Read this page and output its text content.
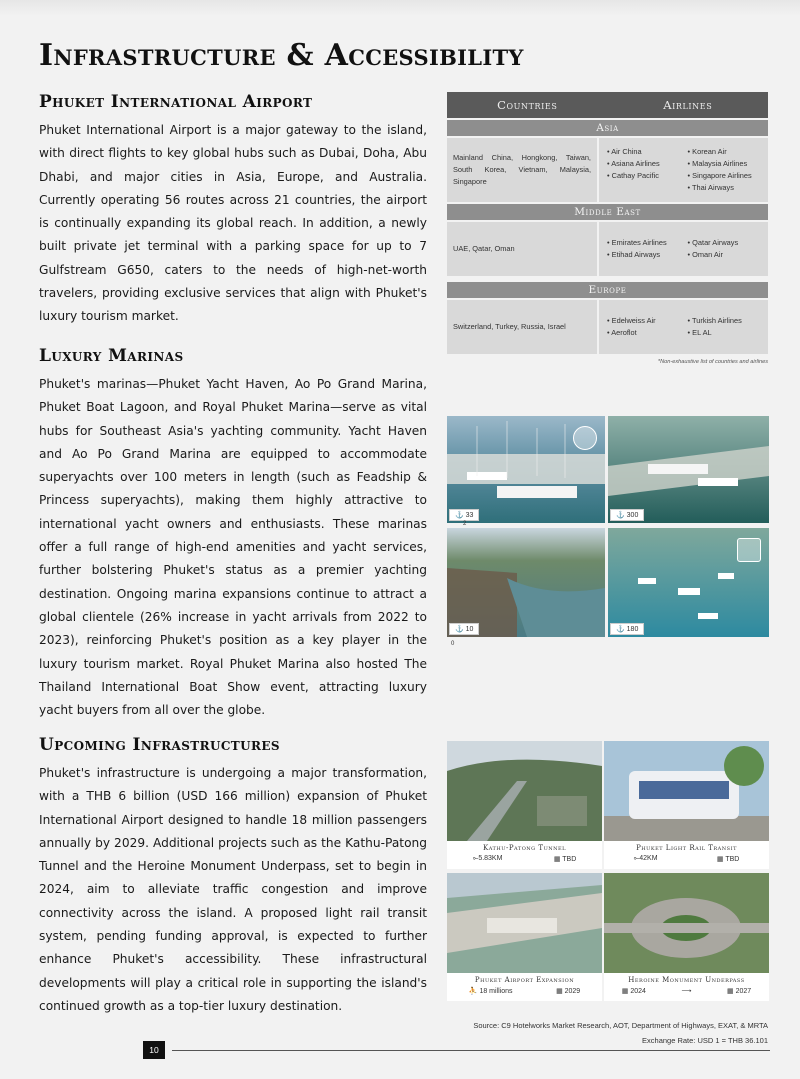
Infrastructure & Accessibility
Phuket International Airport

Phuket International Airport is a major gateway to the island, with direct flights to key global hubs such as Dubai, Doha, Abu Dhabi, and major cities in Asia, Europe, and Australia. Currently operating 56 routes across 21 countries, the airport is continually expanding its global reach. In addition, a newly built private jet terminal with a parking space for up to 7 Gulfstream G650, caters to the needs of high-net-worth travelers, providing exclusive services that align with Phuket's luxury tourism market.

Countries	Airlines
Asia
Mainland China, Hongkong, Taiwan, South Korea, Vietnam, Malaysia, Singapore
• Air China	• Korean Air
• Asiana Airlines	• Malaysia Airlines
• Cathay Pacific	• Singapore Airlines
• Thai Airways
Middle East
UAE, Qatar, Oman
• Emirates Airlines	• Qatar Airways
• Etihad Airways	• Oman Air
Europe
Switzerland, Turkey, Russia, Israel
• Edelweiss Air	• Turkish Airlines
• Aeroflot	• EL AL
*Non-exhaustive list of countries and airlines
Luxury Marinas

Phuket's marinas—Phuket Yacht Haven, Ao Po Grand Marina, Phuket Boat Lagoon, and Royal Phuket Marina—serve as vital hubs for Southeast Asia's yachting community. Yacht Haven and Ao Po Grand Marina are equipped to accommodate superyachts over 100 meters in length (such as Feadship & Princess superyachts), making them highly attractive to international yacht owners and enthusiasts. These marinas offer a full range of high-end amenities and yacht services, further bolstering Phuket's status as a premier yachting destination. Ongoing marina expansions continue to attract a global clientele (26% increase in yacht arrivals from 2022 to 2023), reinforcing Phuket's position as a key player in the luxury tourism market. Royal Phuket Marina also hosted The Thailand International Boat Show event, attracting luxury yacht buyers from all over the globe.

⚓ 33	⚓ 300
⚓ 10	⚓ 180
2
0
Upcoming Infrastructures

Phuket's infrastructure is undergoing a major transformation, with a THB 6 billion (USD 166 million) expansion of Phuket International Airport designed to handle 18 million passengers annually by 2029. Additional projects such as the Kathu-Patong Tunnel and the Heroine Monument Underpass, set to begin in 2024, aim to alleviate traffic congestion and improve connectivity across the island. A proposed light rail transit system, pending funding approval, is expected to further enhance Phuket's accessibility. These infrastructural developments will play a critical role in supporting the island's continued growth as a top-tier luxury destination.

Kathu-Patong Tunnel
⟜5.83KM	▦ TBD
Phuket Light Rail Transit
⟜42KM	▦ TBD
Phuket Airport Expansion
⛹ 18 millions	▦ 2029
Heroine Monument Underpass
▦ 2024	⟶	▦ 2027
Source: C9 Hotelworks Market Research, AOT, Department of Highways, EXAT, & MRTA
Exchange Rate: USD 1 = THB 36.101
10
